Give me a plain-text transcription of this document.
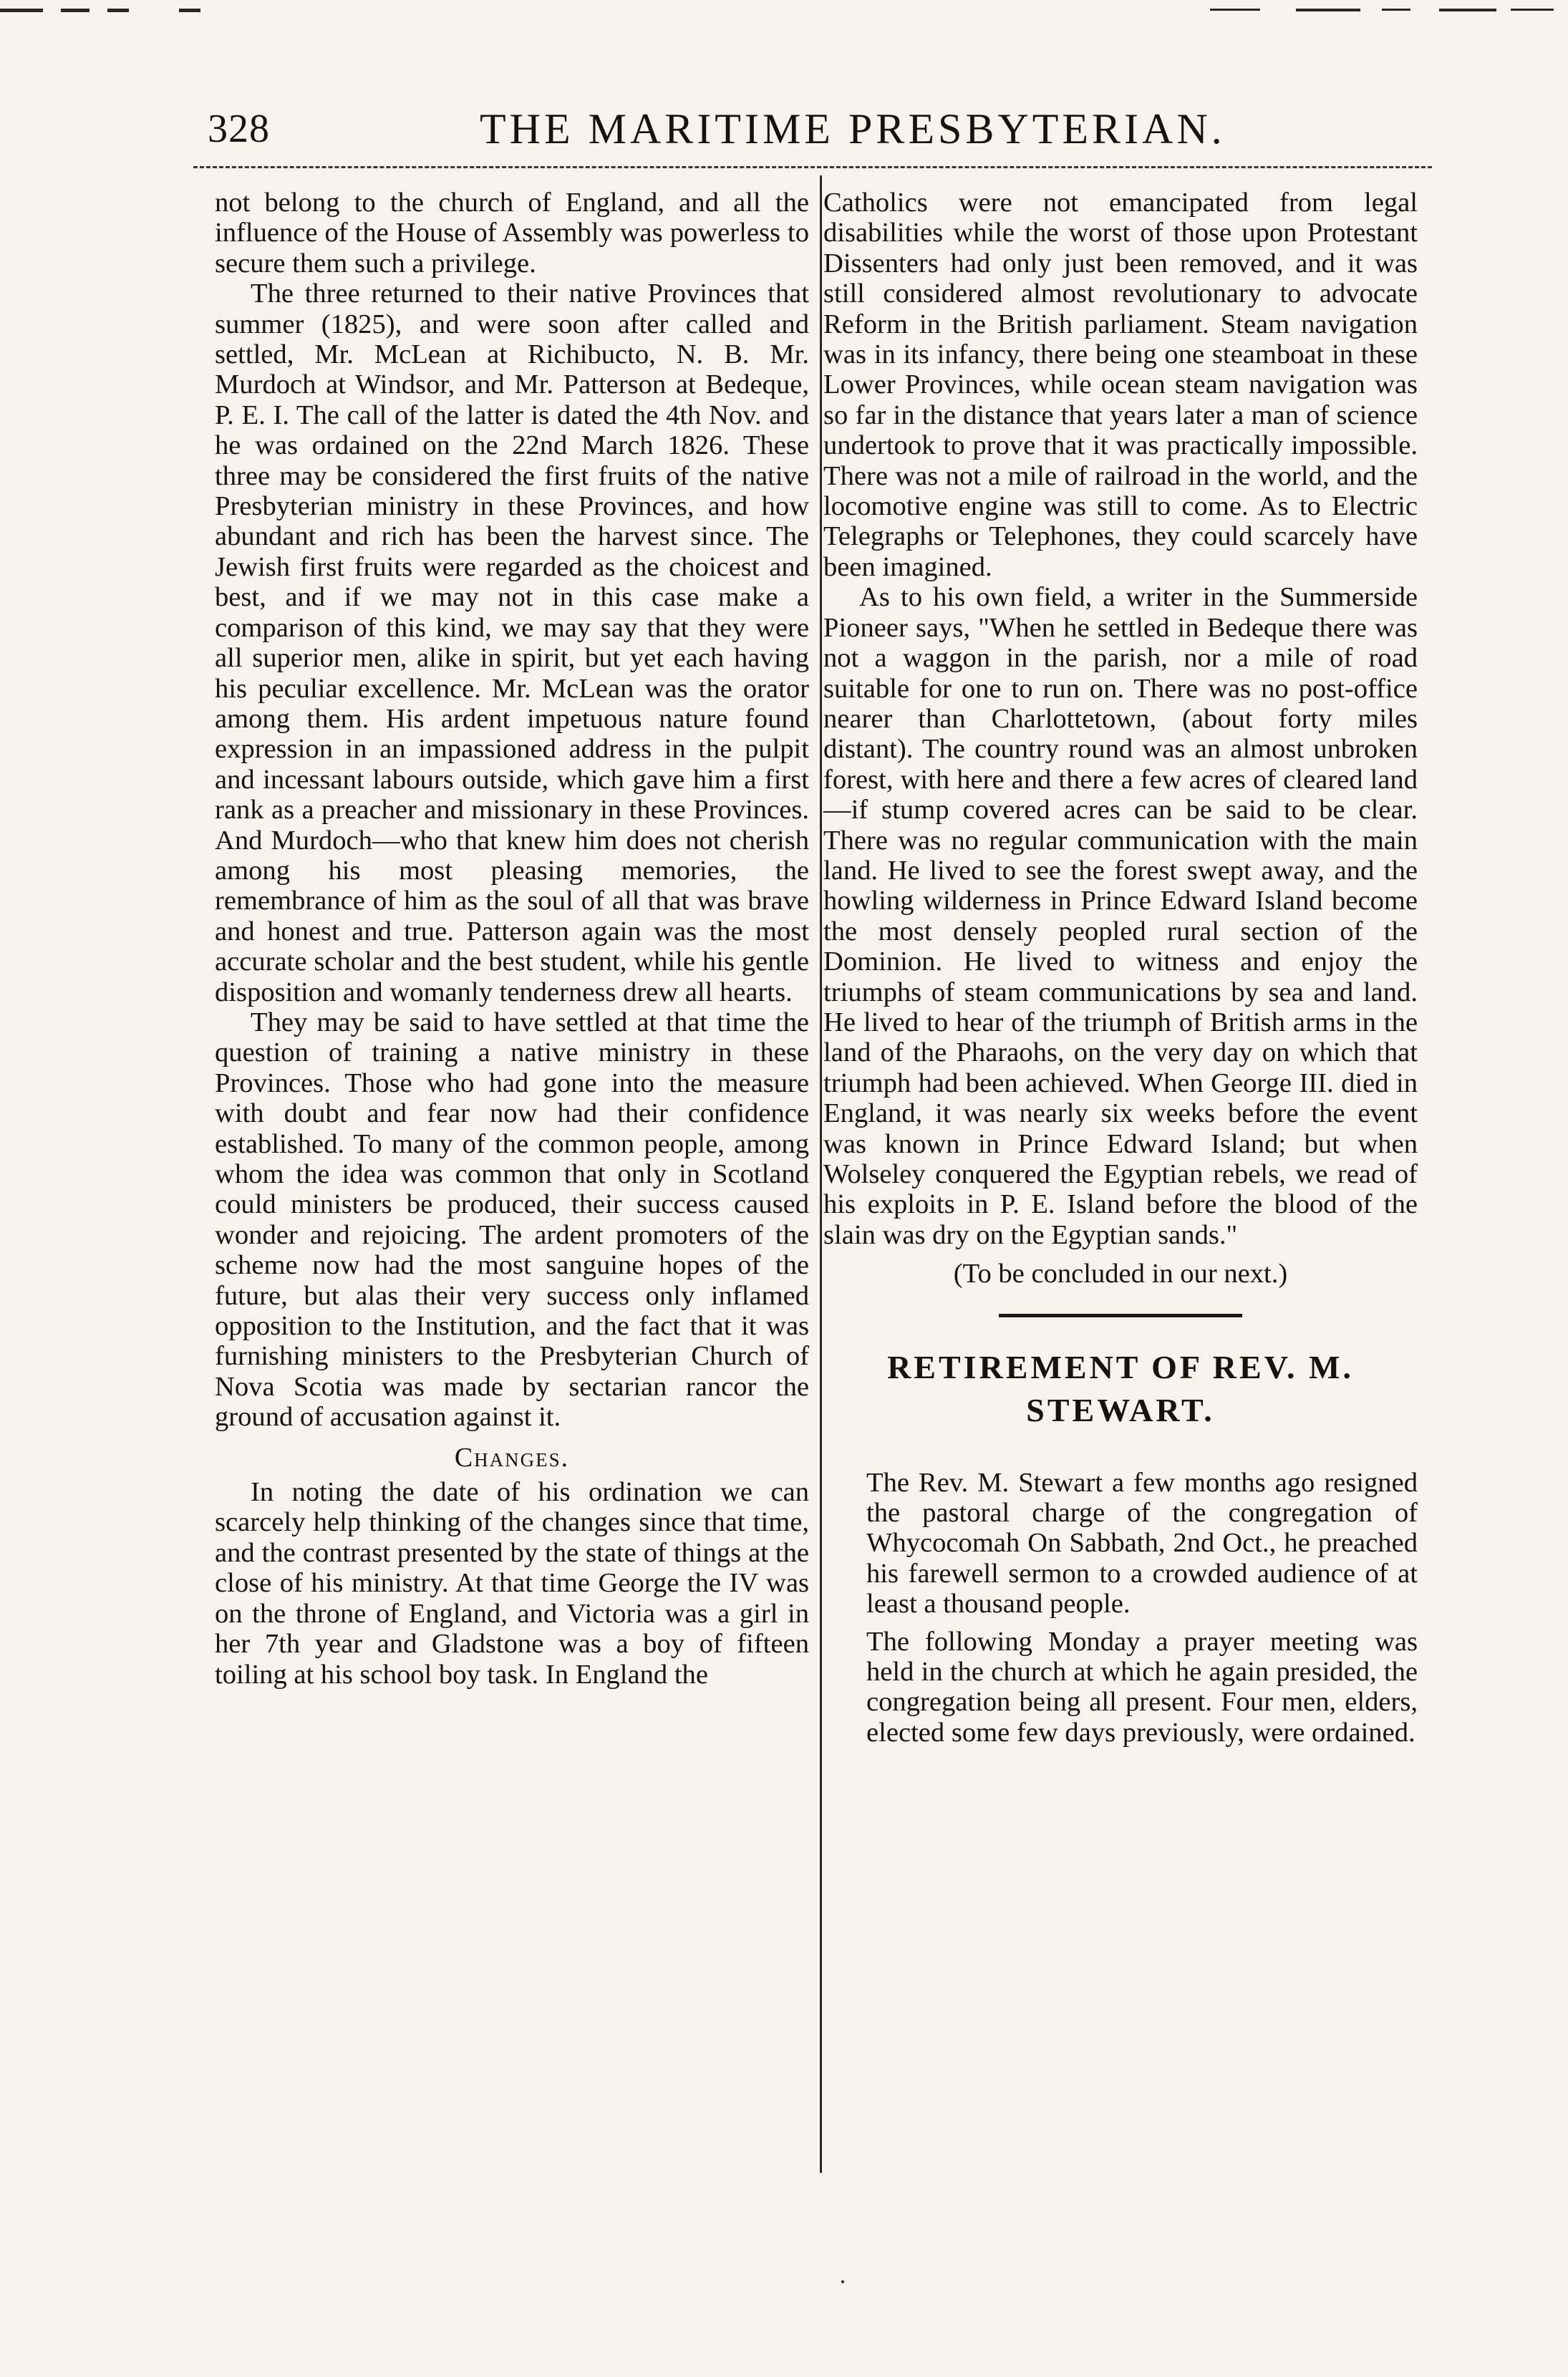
328	THE MARITIME PRESBYTERIAN.

not belong to the church of England, and all the influence of the House of Assembly was powerless to secure them such a privilege.

The three returned to their native Provinces that summer (1825), and were soon after called and settled, Mr. McLean at Richibucto, N. B. Mr. Murdoch at Windsor, and Mr. Patterson at Bedeque, P. E. I. The call of the latter is dated the 4th Nov. and he was ordained on the 22nd March 1826. These three may be considered the first fruits of the native Presbyterian ministry in these Provinces, and how abundant and rich has been the harvest since. The Jewish first fruits were regarded as the choicest and best, and if we may not in this case make a comparison of this kind, we may say that they were all superior men, alike in spirit, but yet each having his peculiar excellence. Mr. McLean was the orator among them. His ardent impetuous nature found expression in an impassioned address in the pulpit and incessant labours outside, which gave him a first rank as a preacher and missionary in these Provinces. And Murdoch—who that knew him does not cherish among his most pleasing memories, the remembrance of him as the soul of all that was brave and honest and true. Patterson again was the most accurate scholar and the best student, while his gentle disposition and womanly tenderness drew all hearts.

They may be said to have settled at that time the question of training a native ministry in these Provinces. Those who had gone into the measure with doubt and fear now had their confidence established. To many of the common people, among whom the idea was common that only in Scotland could ministers be produced, their success caused wonder and rejoicing. The ardent promoters of the scheme now had the most sanguine hopes of the future, but alas their very success only inflamed opposition to the Institution, and the fact that it was furnishing ministers to the Presbyterian Church of Nova Scotia was made by sectarian rancor the ground of accusation against it.

Changes.

In noting the date of his ordination we can scarcely help thinking of the changes since that time, and the contrast presented by the state of things at the close of his ministry. At that time George the IV was on the throne of England, and Victoria was a girl in her 7th year and Gladstone was a boy of fifteen toiling at his school boy task. In England the

Catholics were not emancipated from legal disabilities while the worst of those upon Protestant Dissenters had only just been removed, and it was still considered almost revolutionary to advocate Reform in the British parliament. Steam navigation was in its infancy, there being one steamboat in these Lower Provinces, while ocean steam navigation was so far in the distance that years later a man of science undertook to prove that it was practically impossible. There was not a mile of railroad in the world, and the locomotive engine was still to come. As to Electric Telegraphs or Telephones, they could scarcely have been imagined.

As to his own field, a writer in the Summerside Pioneer says, "When he settled in Bedeque there was not a waggon in the parish, nor a mile of road suitable for one to run on. There was no post-office nearer than Charlottetown, (about forty miles distant). The country round was an almost unbroken forest, with here and there a few acres of cleared land—if stump covered acres can be said to be clear. There was no regular communication with the main land. He lived to see the forest swept away, and the howling wilderness in Prince Edward Island become the most densely peopled rural section of the Dominion. He lived to witness and enjoy the triumphs of steam communications by sea and land. He lived to hear of the triumph of British arms in the land of the Pharaohs, on the very day on which that triumph had been achieved. When George III. died in England, it was nearly six weeks before the event was known in Prince Edward Island; but when Wolseley conquered the Egyptian rebels, we read of his exploits in P. E. Island before the blood of the slain was dry on the Egyptian sands."

(To be concluded in our next.)
RETIREMENT OF REV. M. STEWART.

The Rev. M. Stewart a few months ago resigned the pastoral charge of the congregation of Whycocomah On Sabbath, 2nd Oct., he preached his farewell sermon to a crowded audience of at least a thousand people.

The following Monday a prayer meeting was held in the church at which he again presided, the congregation being all present. Four men, elders, elected some few days previously, were ordained.
